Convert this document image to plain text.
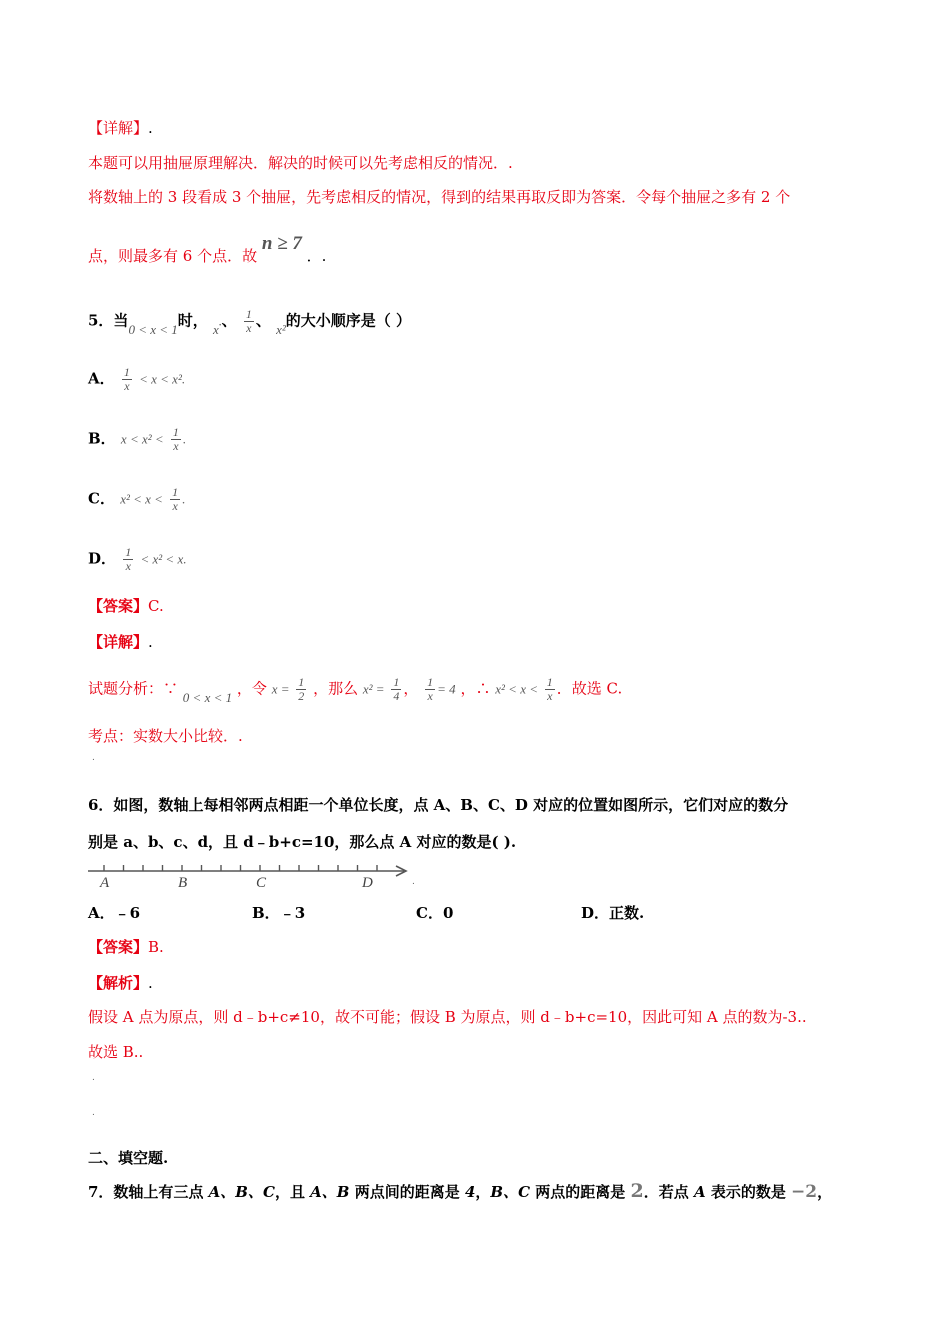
【详解】.
本题可以用抽屉原理解决．解决的时候可以先考虑相反的情况．.
将数轴上的 3 段看成 3 个抽屉，先考虑相反的情况，得到的结果再取反即为答案．令每个抽屉之多有 2 个
点，则最多有 6 个点．故 n ≥ 7 ．.
5．当0 < x < 1时， x.、 $\frac{1}{x}$ 、 x²的大小顺序是（ ）
A． $\frac{1}{x} < x < x^2$.
B． $x < x^2 < \frac{1}{x}$ .
C． $x^2 < x < \frac{1}{x}$ .
D． $\frac{1}{x} < x^2 < x$.
【答案】C.
【详解】.
试题分析：∵ 0 < x < 1 ，令 $x = \frac{1}{2}$ ，那么 $x^2 = \frac{1}{4}$ ， $\frac{1}{x} = 4$ ，∴ $x^2 < x < \frac{1}{x}$ ．故选 C.
考点：实数大小比较．.
.
6．如图，数轴上每相邻两点相距一个单位长度，点 A、B、C、D 对应的位置如图所示，它们对应的数分
别是 a、b、c、d，且 d﹣b+c=10，那么点 A 对应的数是( ).
A	B	C	D	.
A．﹣6	B．﹣3	C．0	D．正数.
【答案】B.
【解析】.
假设 A 点为原点，则 d﹣b+c≠10，故不可能；假设 B 为原点，则 d﹣b+c=10，因此可知 A 点的数为-3..
故选 B..
.
.
二、填空题.
7．数轴上有三点 A、B、C，且 A、B 两点间的距离是 4，B、C 两点的距离是 2．若点 A 表示的数是 −2，
